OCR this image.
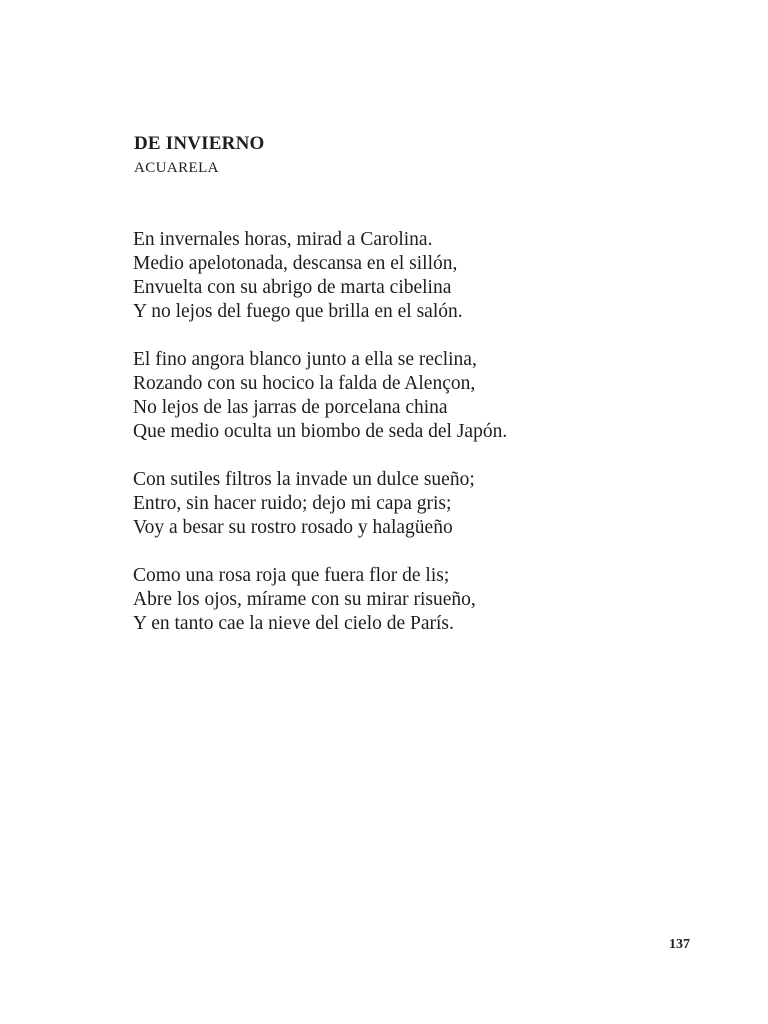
DE INVIERNO
ACUARELA
En invernales horas, mirad a Carolina.
Medio apelotonada, descansa en el sillón,
Envuelta con su abrigo de marta cibelina
Y no lejos del fuego que brilla en el salón.
El fino angora blanco junto a ella se reclina,
Rozando con su hocico la falda de Alençon,
No lejos de las jarras de porcelana china
Que medio oculta un biombo de seda del Japón.
Con sutiles filtros la invade un dulce sueño;
Entro, sin hacer ruido; dejo mi capa gris;
Voy a besar su rostro rosado y halagüeño
Como una rosa roja que fuera flor de lis;
Abre los ojos, mírame con su mirar risueño,
Y en tanto cae la nieve del cielo de París.
137
